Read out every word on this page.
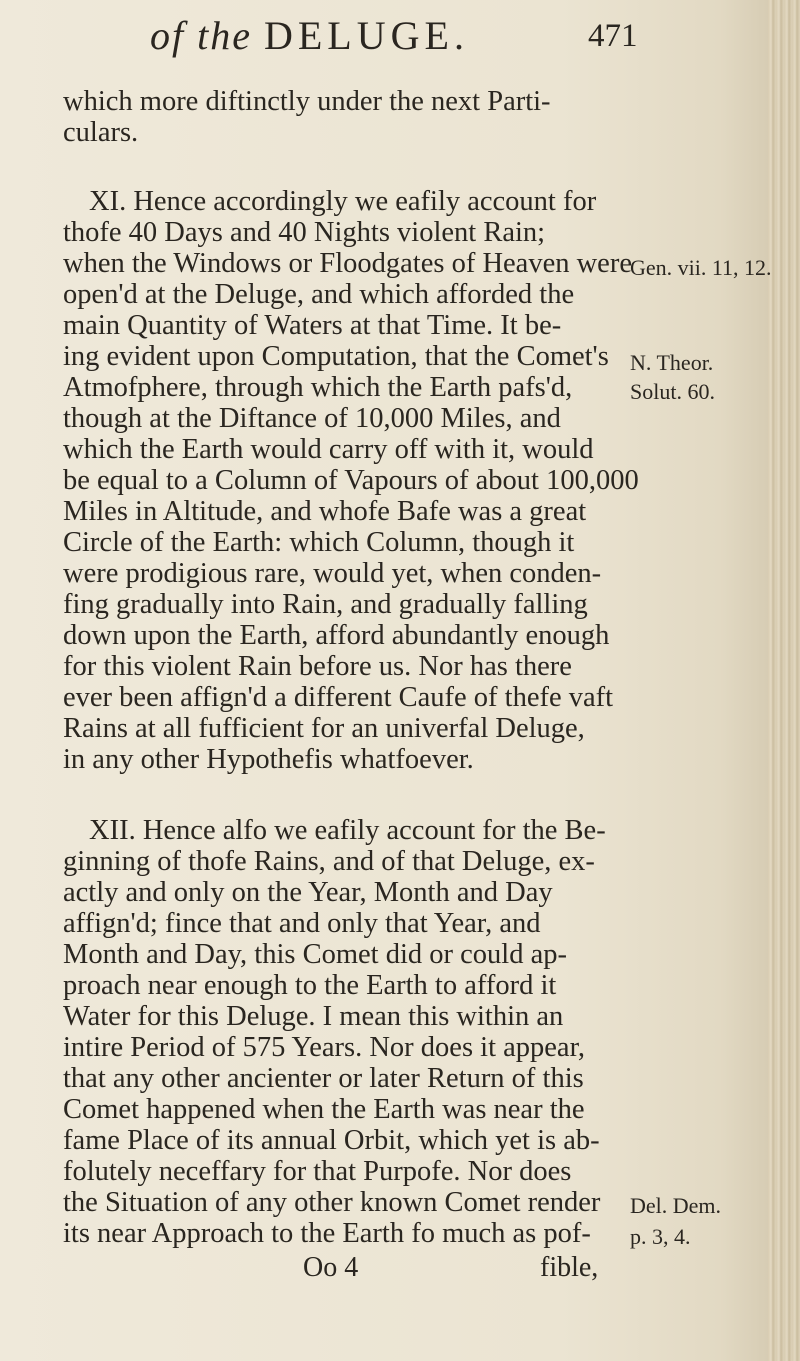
of the DELUGE.	471
which more diftinctly under the next Parti-
culars.
XI. Hence accordingly we eafily account for
thofe 40 Days and 40 Nights violent Rain;
when the Windows or Floodgates of Heaven were
open'd at the Deluge, and which afforded the
main Quantity of Waters at that Time. It be-
ing evident upon Computation, that the Comet's
Atmofphere, through which the Earth pafs'd,
though at the Diftance of 10,000 Miles, and
which the Earth would carry off with it, would
be equal to a Column of Vapours of about 100,000
Miles in Altitude, and whofe Bafe was a great
Circle of the Earth: which Column, though it
were prodigious rare, would yet, when conden-
fing gradually into Rain, and gradually falling
down upon the Earth, afford abundantly enough
for this violent Rain before us. Nor has there
ever been affign'd a different Caufe of thefe vaft
Rains at all fufficient for an univerfal Deluge,
in any other Hypothefis whatfoever.
XII. Hence alfo we eafily account for the Be-
ginning of thofe Rains, and of that Deluge, ex-
actly and only on the Year, Month and Day
affign'd; fince that and only that Year, and
Month and Day, this Comet did or could ap-
proach near enough to the Earth to afford it
Water for this Deluge. I mean this within an
intire Period of 575 Years. Nor does it appear,
that any other ancienter or later Return of this
Comet happened when the Earth was near the
fame Place of its annual Orbit, which yet is ab-
folutely neceffary for that Purpofe. Nor does
the Situation of any other known Comet render
its near Approach to the Earth fo much as pof-
Gen. vii. 11, 12.
N. Theor.
Solut. 60.
Del. Dem.
p. 3, 4.
Oo 4	fible,
